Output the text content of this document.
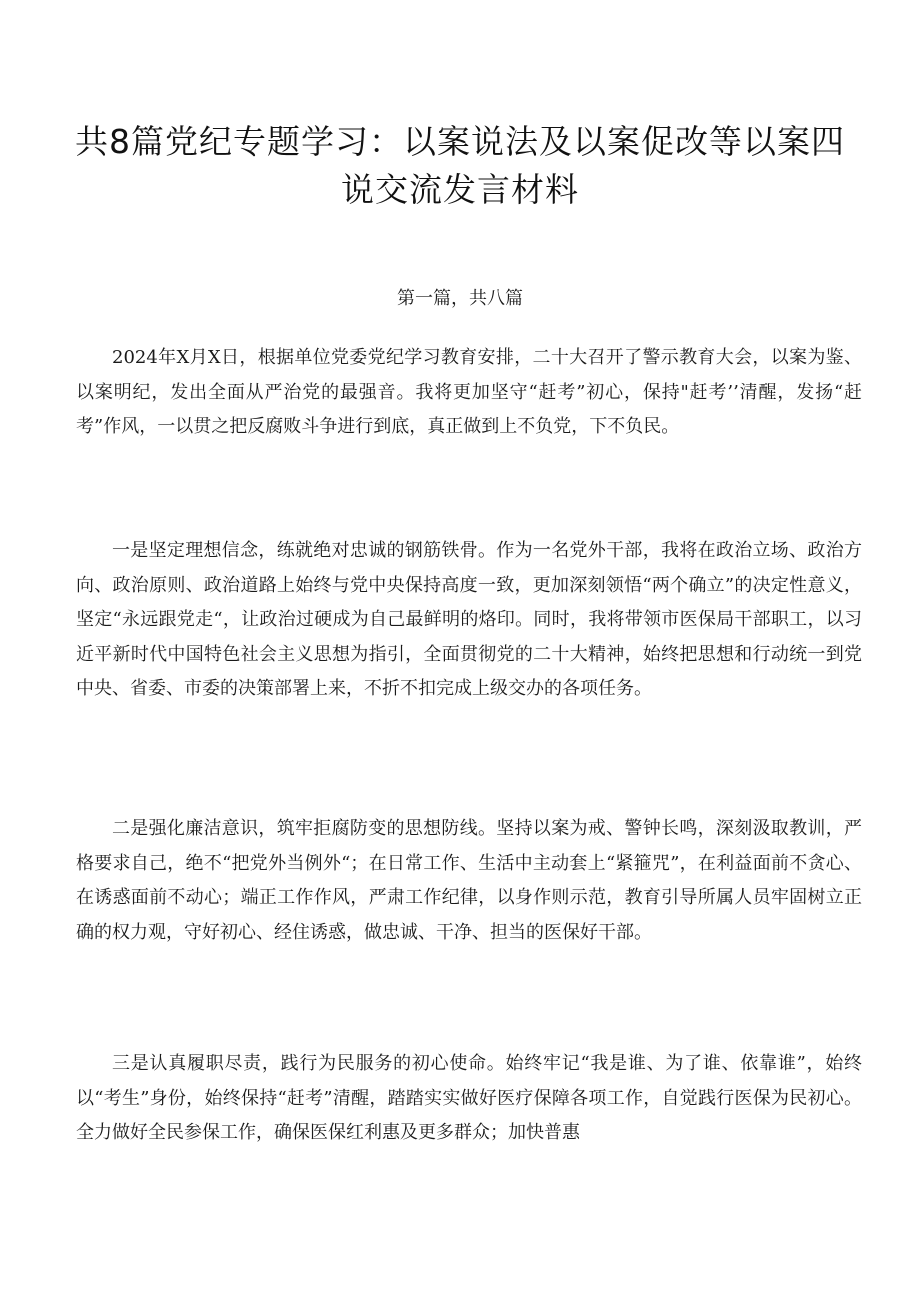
共8篇党纪专题学习：以案说法及以案促改等以案四说交流发言材料

第一篇，共八篇

2024年X月X日，根据单位党委党纪学习教育安排，二十大召开了警示教育大会，以案为鉴、以案明纪，发出全面从严治党的最强音。我将更加坚守“赶考”初心，保持"赶考’’清醒，发扬“赶考”作风，一以贯之把反腐败斗争进行到底，真正做到上不负党，下不负民。

一是坚定理想信念，练就绝对忠诚的钢筋铁骨。作为一名党外干部，我将在政治立场、政治方向、政治原则、政治道路上始终与党中央保持高度一致，更加深刻领悟“两个确立”的决定性意义，坚定“永远跟党走“，让政治过硬成为自己最鲜明的烙印。同时，我将带领市医保局干部职工，以习近平新时代中国特色社会主义思想为指引，全面贯彻党的二十大精神，始终把思想和行动统一到党中央、省委、市委的决策部署上来，不折不扣完成上级交办的各项任务。

二是强化廉洁意识，筑牢拒腐防变的思想防线。坚持以案为戒、警钟长鸣，深刻汲取教训，严格要求自己，绝不“把党外当例外“；在日常工作、生活中主动套上“紧箍咒”，在利益面前不贪心、在诱惑面前不动心；端正工作作风，严肃工作纪律，以身作则示范，教育引导所属人员牢固树立正确的权力观，守好初心、经住诱惑，做忠诚、干净、担当的医保好干部。

三是认真履职尽责，践行为民服务的初心使命。始终牢记“我是谁、为了谁、依靠谁”，始终以“考生”身份，始终保持“赶考”清醒，踏踏实实做好医疗保障各项工作，自觉践行医保为民初心。全力做好全民参保工作，确保医保红利惠及更多群众；加快普惠
